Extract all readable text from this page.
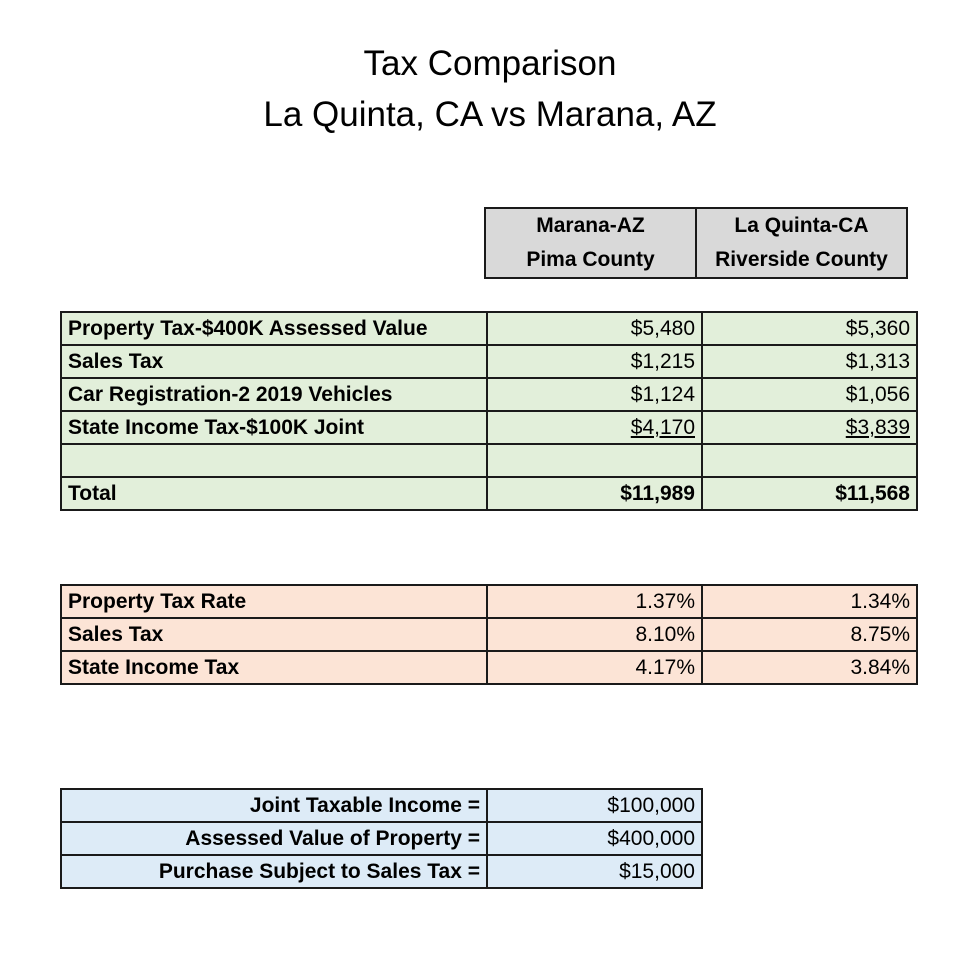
Tax Comparison
La Quinta, CA vs Marana, AZ
Marana-AZ
Pima County

La Quinta-CA
Riverside County
Property Tax-$400K Assessed Value	$5,480	$5,360
Sales Tax	$1,215	$1,313
Car Registration-2 2019 Vehicles	$1,124	$1,056
State Income Tax-$100K Joint	$4,170	$3,839

Total	$11,989	$11,568
Property Tax Rate	1.37%	1.34%
Sales Tax	8.10%	8.75%
State Income Tax	4.17%	3.84%
Joint Taxable Income =	$100,000
Assessed Value of Property =	$400,000
Purchase Subject to Sales Tax =	$15,000
